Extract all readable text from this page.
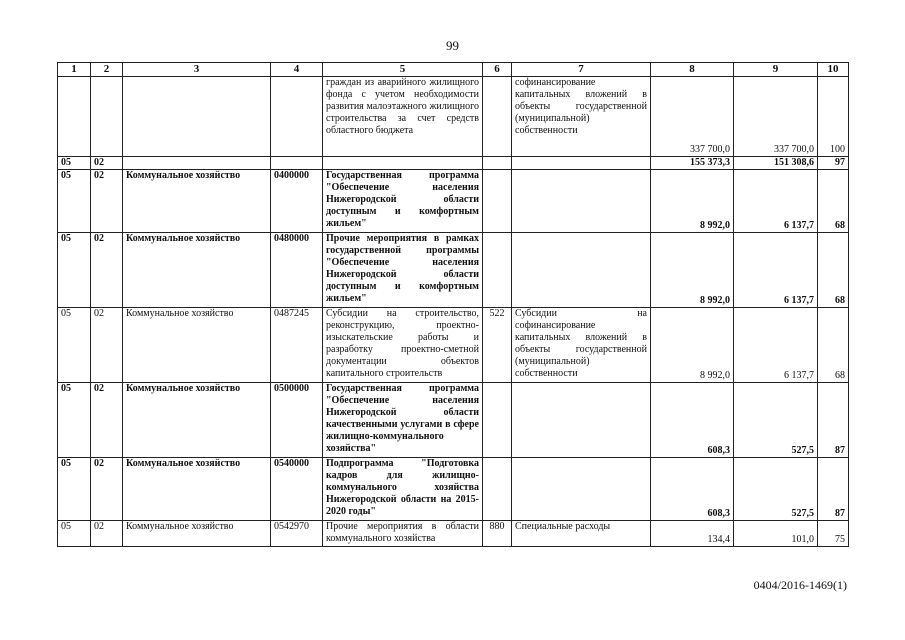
99
1	2	3	4	5	6	7	8	9	10
				граждан из аварийного жилищного фонда с учетом необходимости развития малоэтажного жилищного строительства за счет средств областного бюджета		софинансирование капитальных вложений в объекты государственной (муниципальной) собственности	337 700,0	337 700,0	100
05	02						155 373,3	151 308,6	97
05	02	Коммунальное хозяйство	0400000	Государственная программа "Обеспечение населения Нижегородской области доступным и комфортным жильем"			8 992,0	6 137,7	68
05	02	Коммунальное хозяйство	0480000	Прочие мероприятия в рамках государственной программы "Обеспечение населения Нижегородской области доступным и комфортным жильем"			8 992,0	6 137,7	68
05	02	Коммунальное хозяйство	0487245	Субсидии на строительство, реконструкцию, проектно-изыскательские работы и разработку проектно-сметной документации объектов капитального строительств	522	Субсидии на софинансирование капитальных вложений в объекты государственной (муниципальной) собственности	8 992,0	6 137,7	68
05	02	Коммунальное хозяйство	0500000	Государственная программа "Обеспечение населения Нижегородской области качественными услугами в сфере жилищно-коммунального хозяйства"			608,3	527,5	87
05	02	Коммунальное хозяйство	0540000	Подпрограмма "Подготовка кадров для жилищно-коммунального хозяйства Нижегородской области на 2015-2020 годы"			608,3	527,5	87
05	02	Коммунальное хозяйство	0542970	Прочие мероприятия в области коммунального хозяйства	880	Специальные расходы	134,4	101,0	75
0404/2016-1469(1)
